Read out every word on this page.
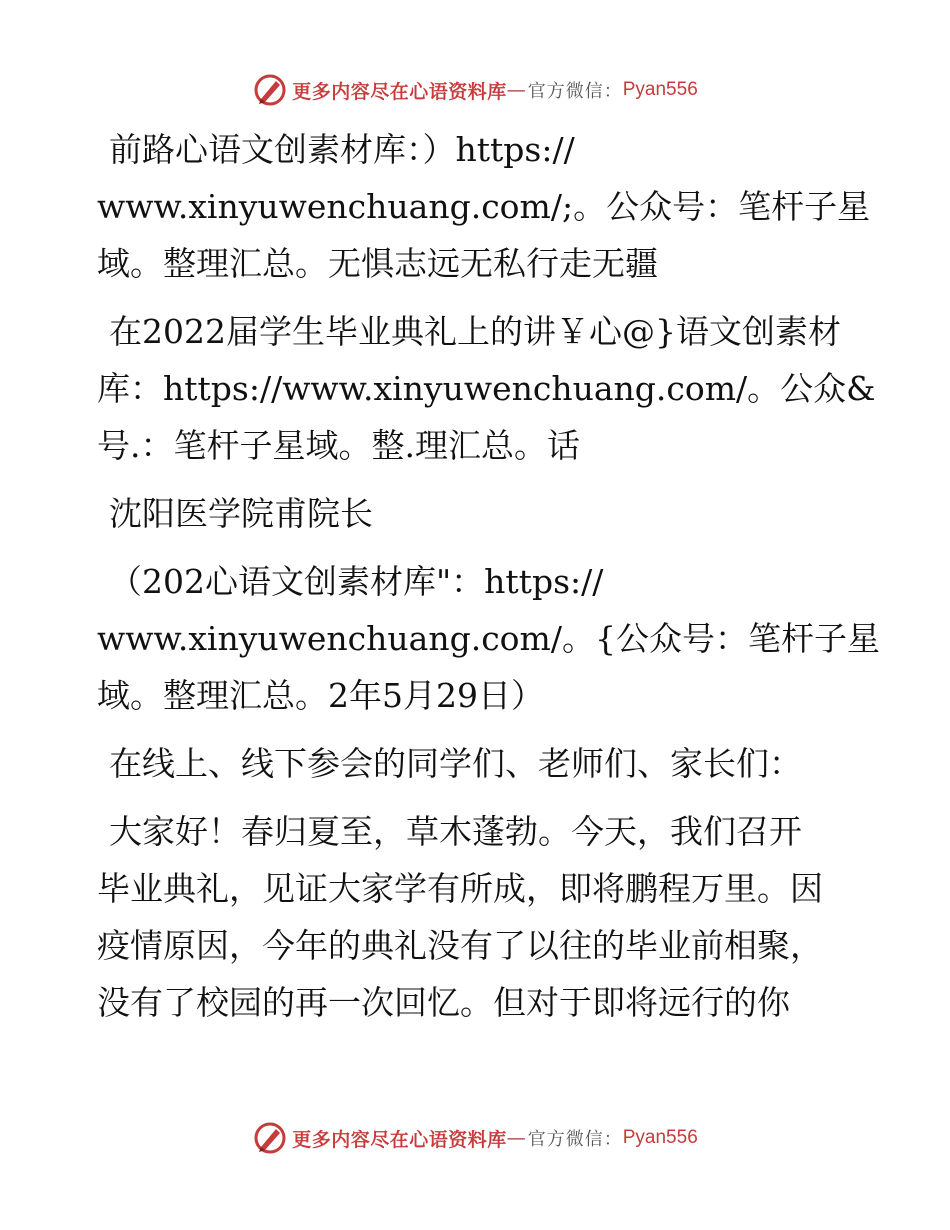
更多内容尽在心语资料库 — 官方微信： Pyan556
前路心语文创素材库：）https://
www.xinyuwenchuang.com/;。公众号：笔杆子星
域。整理汇总。无惧志远无私行走无疆
在2022届学生毕业典礼上的讲￥心@}语文创素材
库：https://www.xinyuwenchuang.com/。公众&
号.：笔杆子星域。整.理汇总。话
沈阳医学院甫院长
（202心语文创素材库"：https://
www.xinyuwenchuang.com/。{公众号：笔杆子星
域。整理汇总。2年5月29日）
在线上、线下参会的同学们、老师们、家长们：
大家好！春归夏至，草木蓬勃。今天，我们召开
毕业典礼，见证大家学有所成，即将鹏程万里。因
疫情原因，今年的典礼没有了以往的毕业前相聚，
没有了校园的再一次回忆。但对于即将远行的你
更多内容尽在心语资料库 — 官方微信： Pyan556
